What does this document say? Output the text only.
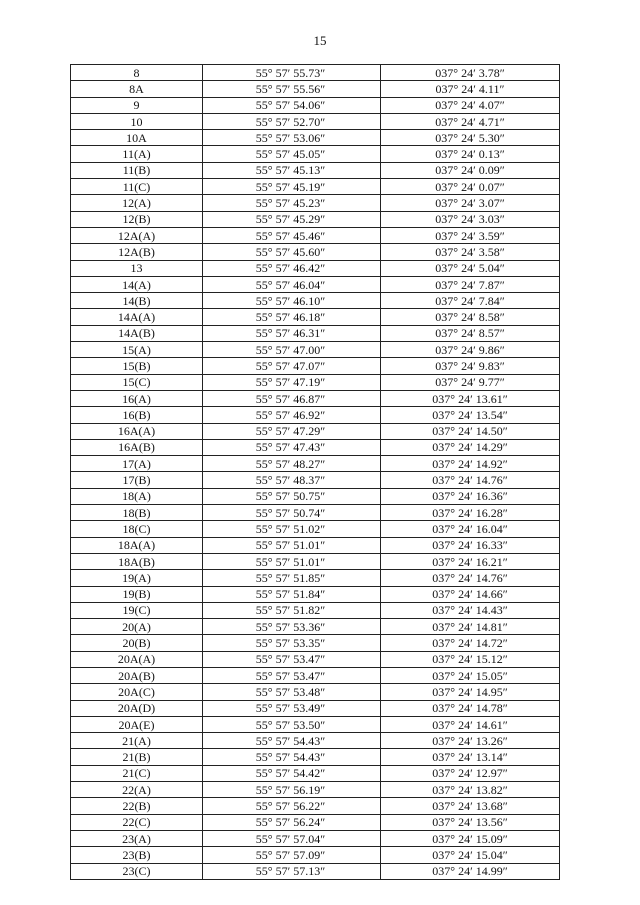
15
8	55° 57′ 55.73″	037° 24′ 3.78″
8A	55° 57′ 55.56″	037° 24′ 4.11″
9	55° 57′ 54.06″	037° 24′ 4.07″
10	55° 57′ 52.70″	037° 24′ 4.71″
10A	55° 57′ 53.06″	037° 24′ 5.30″
11(A)	55° 57′ 45.05″	037° 24′ 0.13″
11(B)	55° 57′ 45.13″	037° 24′ 0.09″
11(C)	55° 57′ 45.19″	037° 24′ 0.07″
12(A)	55° 57′ 45.23″	037° 24′ 3.07″
12(B)	55° 57′ 45.29″	037° 24′ 3.03″
12A(A)	55° 57′ 45.46″	037° 24′ 3.59″
12A(B)	55° 57′ 45.60″	037° 24′ 3.58″
13	55° 57′ 46.42″	037° 24′ 5.04″
14(A)	55° 57′ 46.04″	037° 24′ 7.87″
14(B)	55° 57′ 46.10″	037° 24′ 7.84″
14A(A)	55° 57′ 46.18″	037° 24′ 8.58″
14A(B)	55° 57′ 46.31″	037° 24′ 8.57″
15(A)	55° 57′ 47.00″	037° 24′ 9.86″
15(B)	55° 57′ 47.07″	037° 24′ 9.83″
15(C)	55° 57′ 47.19″	037° 24′ 9.77″
16(A)	55° 57′ 46.87″	037° 24′ 13.61″
16(B)	55° 57′ 46.92″	037° 24′ 13.54″
16A(A)	55° 57′ 47.29″	037° 24′ 14.50″
16A(B)	55° 57′ 47.43″	037° 24′ 14.29″
17(A)	55° 57′ 48.27″	037° 24′ 14.92″
17(B)	55° 57′ 48.37″	037° 24′ 14.76″
18(A)	55° 57′ 50.75″	037° 24′ 16.36″
18(B)	55° 57′ 50.74″	037° 24′ 16.28″
18(C)	55° 57′ 51.02″	037° 24′ 16.04″
18A(A)	55° 57′ 51.01″	037° 24′ 16.33″
18A(B)	55° 57′ 51.01″	037° 24′ 16.21″
19(A)	55° 57′ 51.85″	037° 24′ 14.76″
19(B)	55° 57′ 51.84″	037° 24′ 14.66″
19(C)	55° 57′ 51.82″	037° 24′ 14.43″
20(A)	55° 57′ 53.36″	037° 24′ 14.81″
20(B)	55° 57′ 53.35″	037° 24′ 14.72″
20A(A)	55° 57′ 53.47″	037° 24′ 15.12″
20A(B)	55° 57′ 53.47″	037° 24′ 15.05″
20A(C)	55° 57′ 53.48″	037° 24′ 14.95″
20A(D)	55° 57′ 53.49″	037° 24′ 14.78″
20A(E)	55° 57′ 53.50″	037° 24′ 14.61″
21(A)	55° 57′ 54.43″	037° 24′ 13.26″
21(B)	55° 57′ 54.43″	037° 24′ 13.14″
21(C)	55° 57′ 54.42″	037° 24′ 12.97″
22(A)	55° 57′ 56.19″	037° 24′ 13.82″
22(B)	55° 57′ 56.22″	037° 24′ 13.68″
22(C)	55° 57′ 56.24″	037° 24′ 13.56″
23(A)	55° 57′ 57.04″	037° 24′ 15.09″
23(B)	55° 57′ 57.09″	037° 24′ 15.04″
23(C)	55° 57′ 57.13″	037° 24′ 14.99″
